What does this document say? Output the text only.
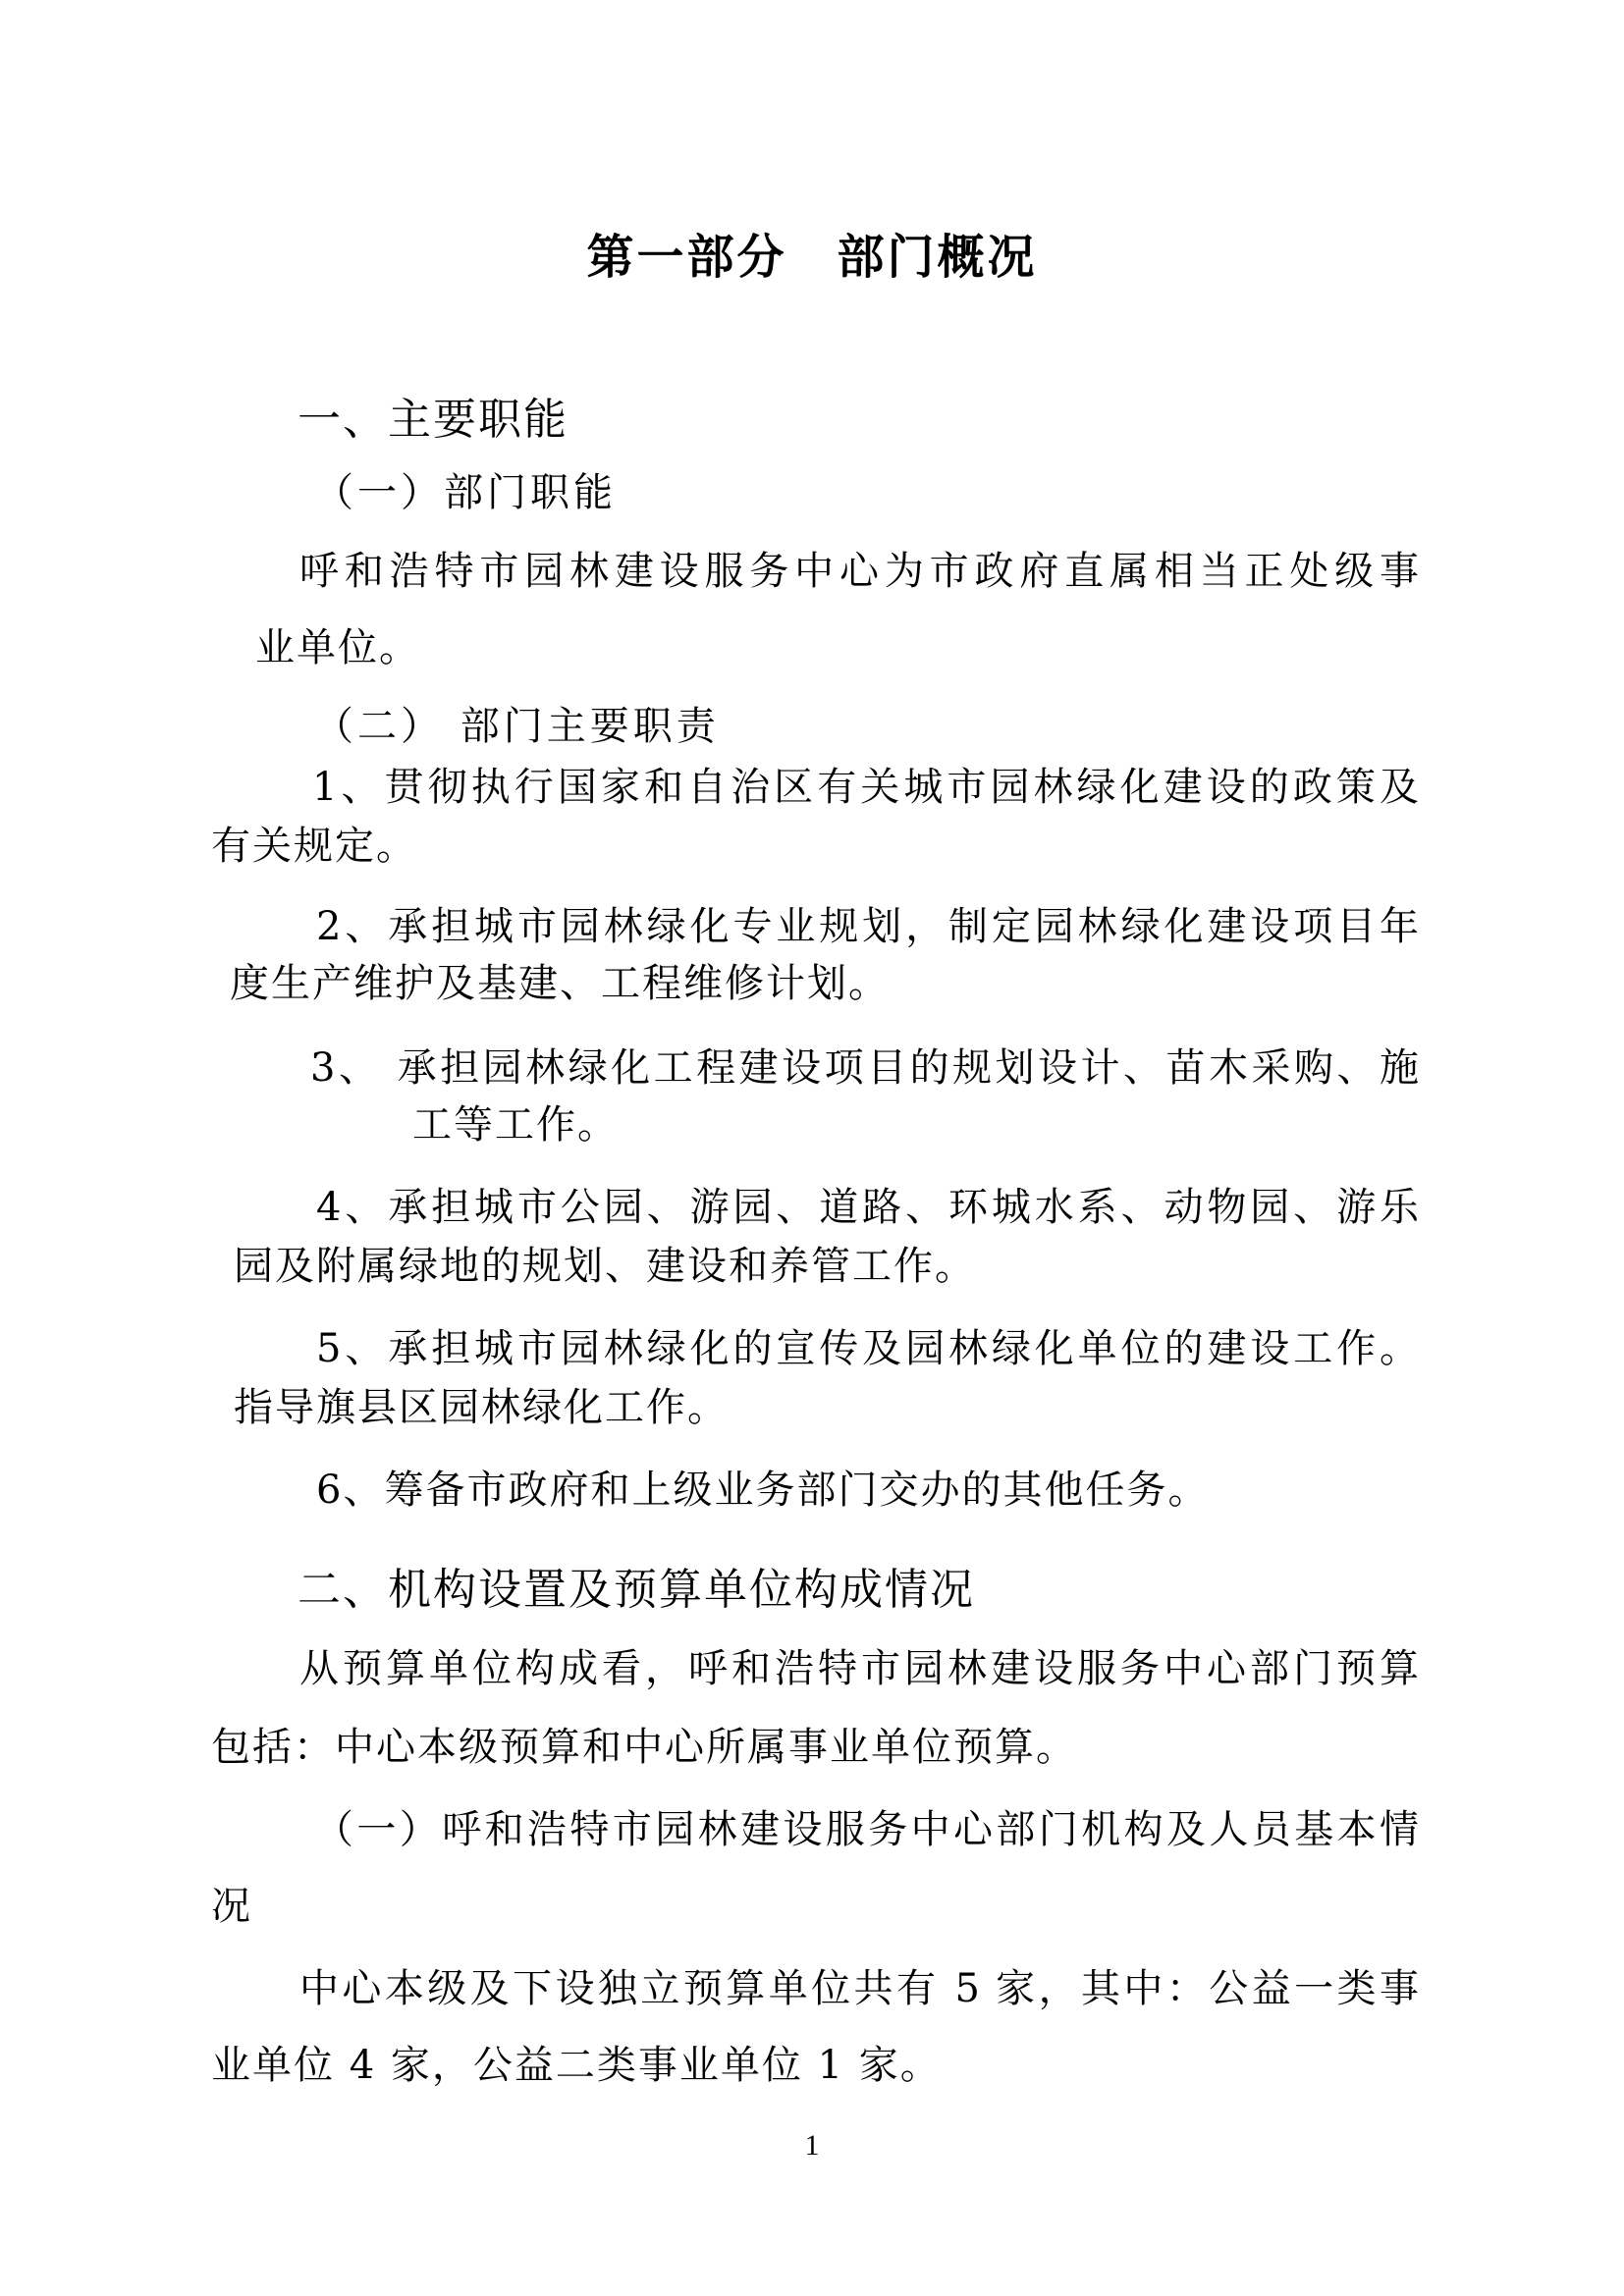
第一部分　部门概况
一、主要职能
（一）部门职能
呼和浩特市园林建设服务中心为市政府直属相当正处级事
业单位。
（二） 部门主要职责
1、贯彻执行国家和自治区有关城市园林绿化建设的政策及
有关规定。
2、承担城市园林绿化专业规划，制定园林绿化建设项目年
度生产维护及基建、工程维修计划。
3、 承担园林绿化工程建设项目的规划设计、苗木采购、施
工等工作。
4、承担城市公园、游园、道路、环城水系、动物园、游乐
园及附属绿地的规划、建设和养管工作。
5、承担城市园林绿化的宣传及园林绿化单位的建设工作。
指导旗县区园林绿化工作。
6、筹备市政府和上级业务部门交办的其他任务。
二、机构设置及预算单位构成情况
从预算单位构成看，呼和浩特市园林建设服务中心部门预算
包括：中心本级预算和中心所属事业单位预算。
（一）呼和浩特市园林建设服务中心部门机构及人员基本情
况
中心本级及下设独立预算单位共有 5 家，其中：公益一类事
业单位 4 家，公益二类事业单位 1 家。
1
